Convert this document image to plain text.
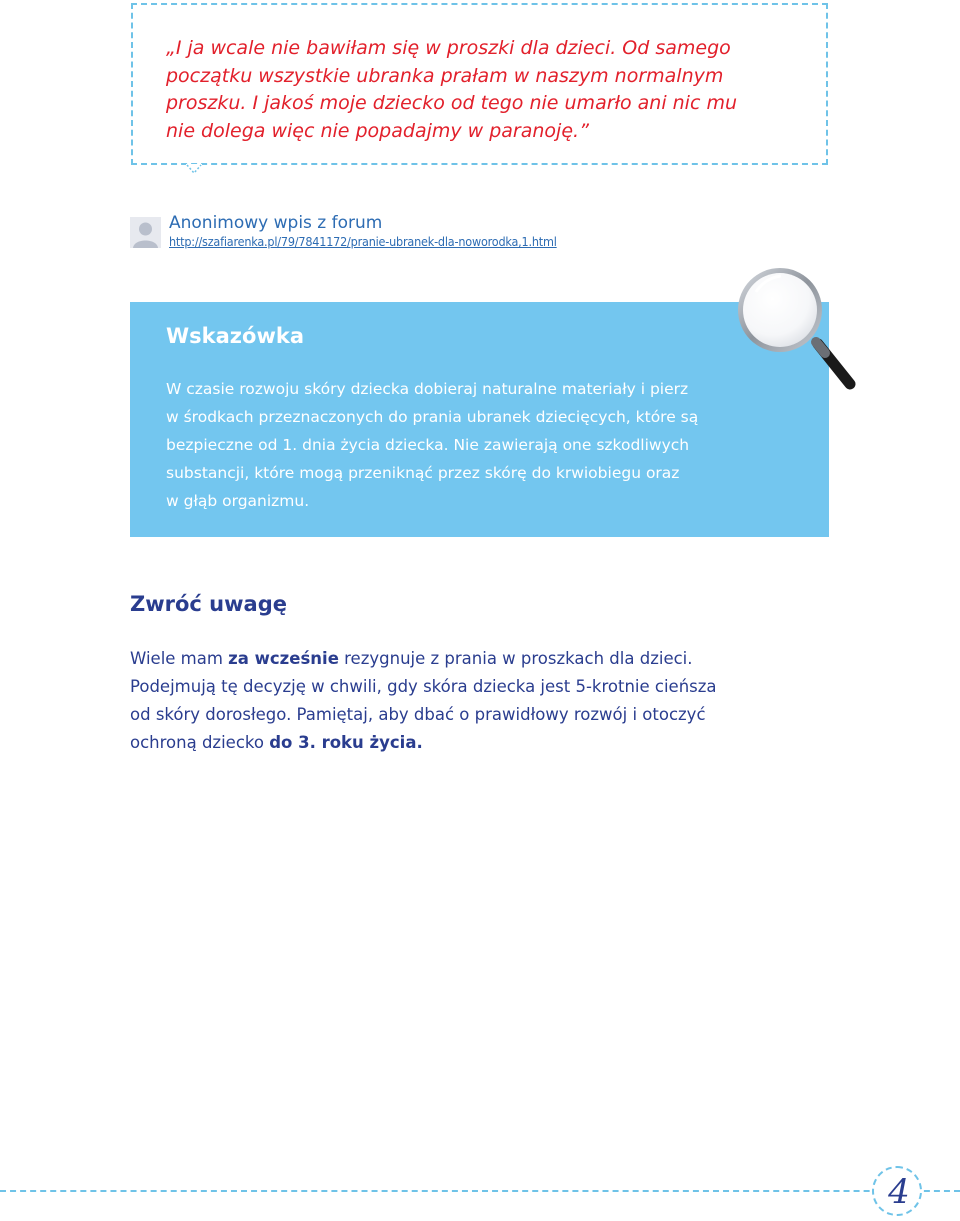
„I ja wcale nie bawiłam się w proszki dla dzieci. Od samego
początku wszystkie ubranka prałam w naszym normalnym
proszku. I jakoś moje dziecko od tego nie umarło ani nic mu
nie dolega więc nie popadajmy w paranoję.”
Anonimowy wpis z forum
http://szafiarenka.pl/79/7841172/pranie-ubranek-dla-noworodka,1.html
Wskazówka
W czasie rozwoju skóry dziecka dobieraj naturalne materiały i pierz
w środkach przeznaczonych do prania ubranek dziecięcych, które są
bezpieczne od 1. dnia życia dziecka. Nie zawierają one szkodliwych
substancji, które mogą przeniknąć przez skórę do krwiobiegu oraz
w głąb organizmu.
Zwróć uwagę
Wiele mam za wcześnie rezygnuje z prania w proszkach dla dzieci.
Podejmują tę decyzję w chwili, gdy skóra dziecka jest 5-krotnie cieńsza
od skóry dorosłego. Pamiętaj, aby dbać o prawidłowy rozwój i otoczyć
ochroną dziecko do 3. roku życia.
4
